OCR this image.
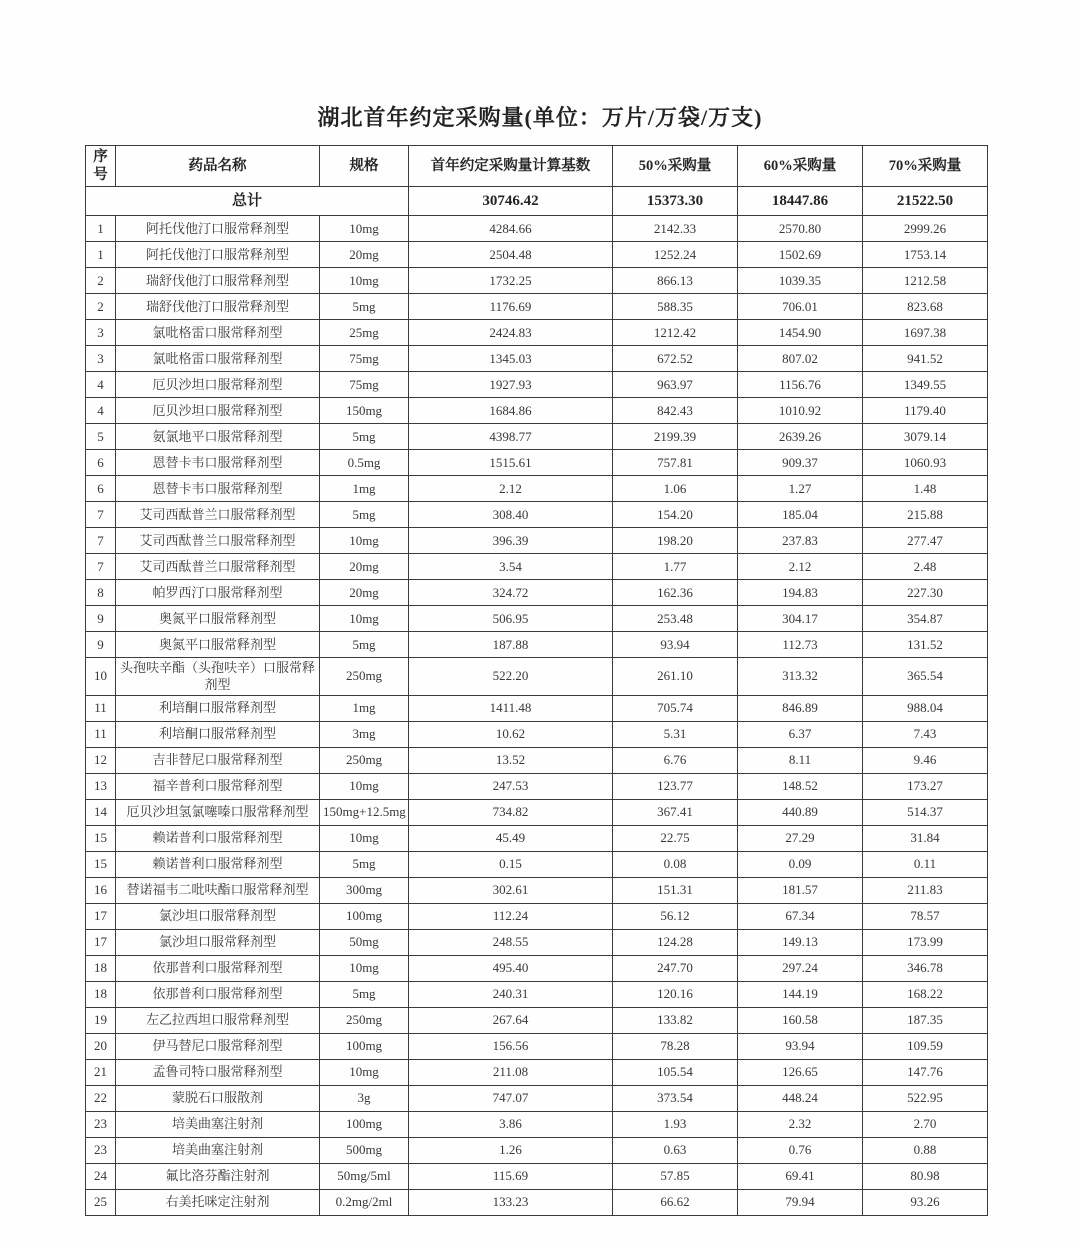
湖北首年约定采购量(单位：万片/万袋/万支)
序号	药品名称	规格	首年约定采购量计算基数	50%采购量	60%采购量	70%采购量
总计			30746.42	15373.30	18447.86	21522.50
1	阿托伐他汀口服常释剂型	10mg	4284.66	2142.33	2570.80	2999.26
1	阿托伐他汀口服常释剂型	20mg	2504.48	1252.24	1502.69	1753.14
2	瑞舒伐他汀口服常释剂型	10mg	1732.25	866.13	1039.35	1212.58
2	瑞舒伐他汀口服常释剂型	5mg	1176.69	588.35	706.01	823.68
3	氯吡格雷口服常释剂型	25mg	2424.83	1212.42	1454.90	1697.38
3	氯吡格雷口服常释剂型	75mg	1345.03	672.52	807.02	941.52
4	厄贝沙坦口服常释剂型	75mg	1927.93	963.97	1156.76	1349.55
4	厄贝沙坦口服常释剂型	150mg	1684.86	842.43	1010.92	1179.40
5	氨氯地平口服常释剂型	5mg	4398.77	2199.39	2639.26	3079.14
6	恩替卡韦口服常释剂型	0.5mg	1515.61	757.81	909.37	1060.93
6	恩替卡韦口服常释剂型	1mg	2.12	1.06	1.27	1.48
7	艾司西酞普兰口服常释剂型	5mg	308.40	154.20	185.04	215.88
7	艾司西酞普兰口服常释剂型	10mg	396.39	198.20	237.83	277.47
7	艾司西酞普兰口服常释剂型	20mg	3.54	1.77	2.12	2.48
8	帕罗西汀口服常释剂型	20mg	324.72	162.36	194.83	227.30
9	奥氮平口服常释剂型	10mg	506.95	253.48	304.17	354.87
9	奥氮平口服常释剂型	5mg	187.88	93.94	112.73	131.52
10	头孢呋辛酯（头孢呋辛）口服常释剂型	250mg	522.20	261.10	313.32	365.54
11	利培酮口服常释剂型	1mg	1411.48	705.74	846.89	988.04
11	利培酮口服常释剂型	3mg	10.62	5.31	6.37	7.43
12	吉非替尼口服常释剂型	250mg	13.52	6.76	8.11	9.46
13	福辛普利口服常释剂型	10mg	247.53	123.77	148.52	173.27
14	厄贝沙坦氢氯噻嗪口服常释剂型	150mg+12.5mg	734.82	367.41	440.89	514.37
15	赖诺普利口服常释剂型	10mg	45.49	22.75	27.29	31.84
15	赖诺普利口服常释剂型	5mg	0.15	0.08	0.09	0.11
16	替诺福韦二吡呋酯口服常释剂型	300mg	302.61	151.31	181.57	211.83
17	氯沙坦口服常释剂型	100mg	112.24	56.12	67.34	78.57
17	氯沙坦口服常释剂型	50mg	248.55	124.28	149.13	173.99
18	依那普利口服常释剂型	10mg	495.40	247.70	297.24	346.78
18	依那普利口服常释剂型	5mg	240.31	120.16	144.19	168.22
19	左乙拉西坦口服常释剂型	250mg	267.64	133.82	160.58	187.35
20	伊马替尼口服常释剂型	100mg	156.56	78.28	93.94	109.59
21	孟鲁司特口服常释剂型	10mg	211.08	105.54	126.65	147.76
22	蒙脱石口服散剂	3g	747.07	373.54	448.24	522.95
23	培美曲塞注射剂	100mg	3.86	1.93	2.32	2.70
23	培美曲塞注射剂	500mg	1.26	0.63	0.76	0.88
24	氟比洛芬酯注射剂	50mg/5ml	115.69	57.85	69.41	80.98
25	右美托咪定注射剂	0.2mg/2ml	133.23	66.62	79.94	93.26
